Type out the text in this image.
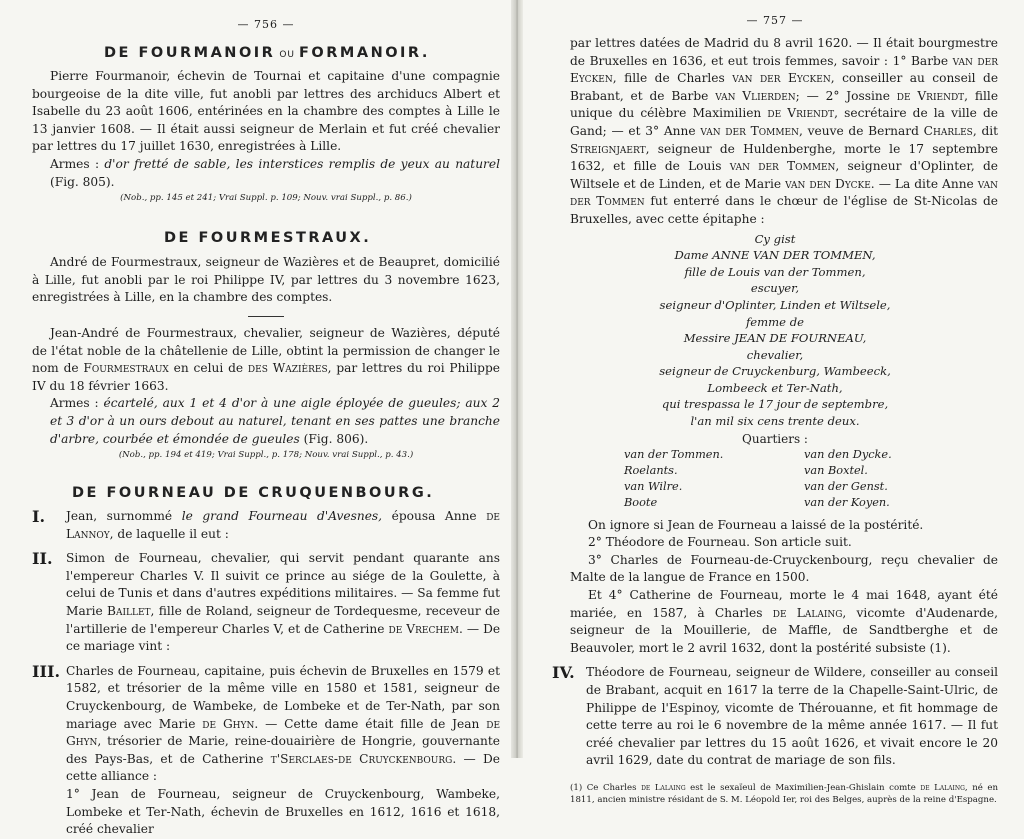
— 756 —
DE FOURMANOIR OU FORMANOIR.

Pierre Fourmanoir, échevin de Tournai et capitaine d'une compagnie bourgeoise de la dite ville, fut anobli par lettres des archiducs Albert et Isabelle du 23 août 1606, entérinées en la chambre des comptes à Lille le 13 janvier 1608. — Il était aussi seigneur de Merlain et fut créé chevalier par lettres du 17 juillet 1630, enregistrées à Lille.

Armes : d'or fretté de sable, les interstices remplis de yeux au naturel (Fig. 805).

(Nob., pp. 145 et 241; Vrai Suppl. p. 109; Nouv. vrai Suppl., p. 86.)

DE FOURMESTRAUX.

André de Fourmestraux, seigneur de Wazières et de Beaupret, domicilié à Lille, fut anobli par le roi Philippe IV, par lettres du 3 novembre 1623, enregistrées à Lille, en la chambre des comptes.

Jean-André de Fourmestraux, chevalier, seigneur de Wazières, député de l'état noble de la châtellenie de Lille, obtint la permission de changer le nom de Fourmestraux en celui de des Wazières, par lettres du roi Philippe IV du 18 février 1663.

Armes : écartelé, aux 1 et 4 d'or à une aigle éployée de gueules; aux 2 et 3 d'or à un ours debout au naturel, tenant en ses pattes une branche d'arbre, courbée et émondée de gueules (Fig. 806).

(Nob., pp. 194 et 419; Vrai Suppl., p. 178; Nouv. vrai Suppl., p. 43.)

DE FOURNEAU DE CRUQUENBOURG.
I.	Jean, surnommé le grand Fourneau d'Avesnes, épousa Anne de Lannoy, de laquelle il eut :

II.	Simon de Fourneau, chevalier, qui servit pendant quarante ans l'empereur Charles V. Il suivit ce prince au siége de la Goulette, à celui de Tunis et dans d'autres expéditions militaires. — Sa femme fut Marie Baillet, fille de Roland, seigneur de Tordequesme, receveur de l'artillerie de l'empereur Charles V, et de Catherine de Vrechem. — De ce mariage vint :

III. Charles de Fourneau, capitaine, puis échevin de Bruxelles en 1579 et 1582, et trésorier de la même ville en 1580 et 1581, seigneur de Cruyckenbourg, de Wambeke, de Lombeke et de Ter-Nath, par son mariage avec Marie de Ghyn. — Cette dame était fille de Jean de Ghyn, trésorier de Marie, reine-douairière de Hongrie, gouvernante des Pays-Bas, et de Catherine t'Serclaes-de Cruyckenbourg. — De cette alliance :

1° Jean de Fourneau, seigneur de Cruyckenbourg, Wambeke, Lombeke et Ter-Nath, échevin de Bruxelles en 1612, 1616 et 1618, créé chevalier

— 757 —

par lettres datées de Madrid du 8 avril 1620. — Il était bourgmestre de Bruxelles en 1636, et eut trois femmes, savoir : 1° Barbe van der Eycken, fille de Charles van der Eycken, conseiller au conseil de Brabant, et de Barbe van Vlierden; — 2° Jossine de Vriendt, fille unique du célèbre Maximilien de Vriendt, secrétaire de la ville de Gand; — et 3° Anne van der Tommen, veuve de Bernard Charles, dit Streignjaert, seigneur de Huldenberghe, morte le 17 septembre 1632, et fille de Louis van der Tommen, seigneur d'Oplinter, de Wiltsele et de Linden, et de Marie van den Dycke. — La dite Anne van der Tommen fut enterré dans le chœur de l'église de St-Nicolas de Bruxelles, avec cette épitaphe :

Cy gist
Dame ANNE VAN DER TOMMEN,
fille de Louis van der Tommen,
escuyer,
seigneur d'Oplinter, Linden et Wiltsele,
femme de
Messire JEAN DE FOURNEAU,
chevalier,
seigneur de Cruyckenburg, Wambeeck,
Lombeeck et Ter-Nath,
qui trespassa le 17 jour de septembre,
l'an mil six cens trente deux.
Quartiers :
van der Tommen.	van den Dycke.
Roelants.	van Boxtel.
van Wilre.	van der Genst.
Boote	van der Koyen.

On ignore si Jean de Fourneau a laissé de la postérité.

2° Théodore de Fourneau. Son article suit.

3° Charles de Fourneau-de-Cruyckenbourg, reçu chevalier de Malte de la langue de France en 1500.

Et 4° Catherine de Fourneau, morte le 4 mai 1648, ayant été mariée, en 1587, à Charles de Lalaing, vicomte d'Audenarde, seigneur de la Mouillerie, de Maffle, de Sandtberghe et de Beauvoler, mort le 2 avril 1632, dont la postérité subsiste (1).

IV. Théodore de Fourneau, seigneur de Wildere, conseiller au conseil de Brabant, acquit en 1617 la terre de la Chapelle-Saint-Ulric, de Philippe de l'Espinoy, vicomte de Thérouanne, et fit hommage de cette terre au roi le 6 novembre de la même année 1617. — Il fut créé chevalier par lettres du 15 août 1626, et vivait encore le 20 avril 1629, date du contrat de mariage de son fils.

(1) Ce Charles de Lalaing est le sexaïeul de Maximilien-Jean-Ghislain comte de Lalaing, né en 1811, ancien ministre résidant de S. M. Léopold Ier, roi des Belges, auprès de la reine d'Espagne.
